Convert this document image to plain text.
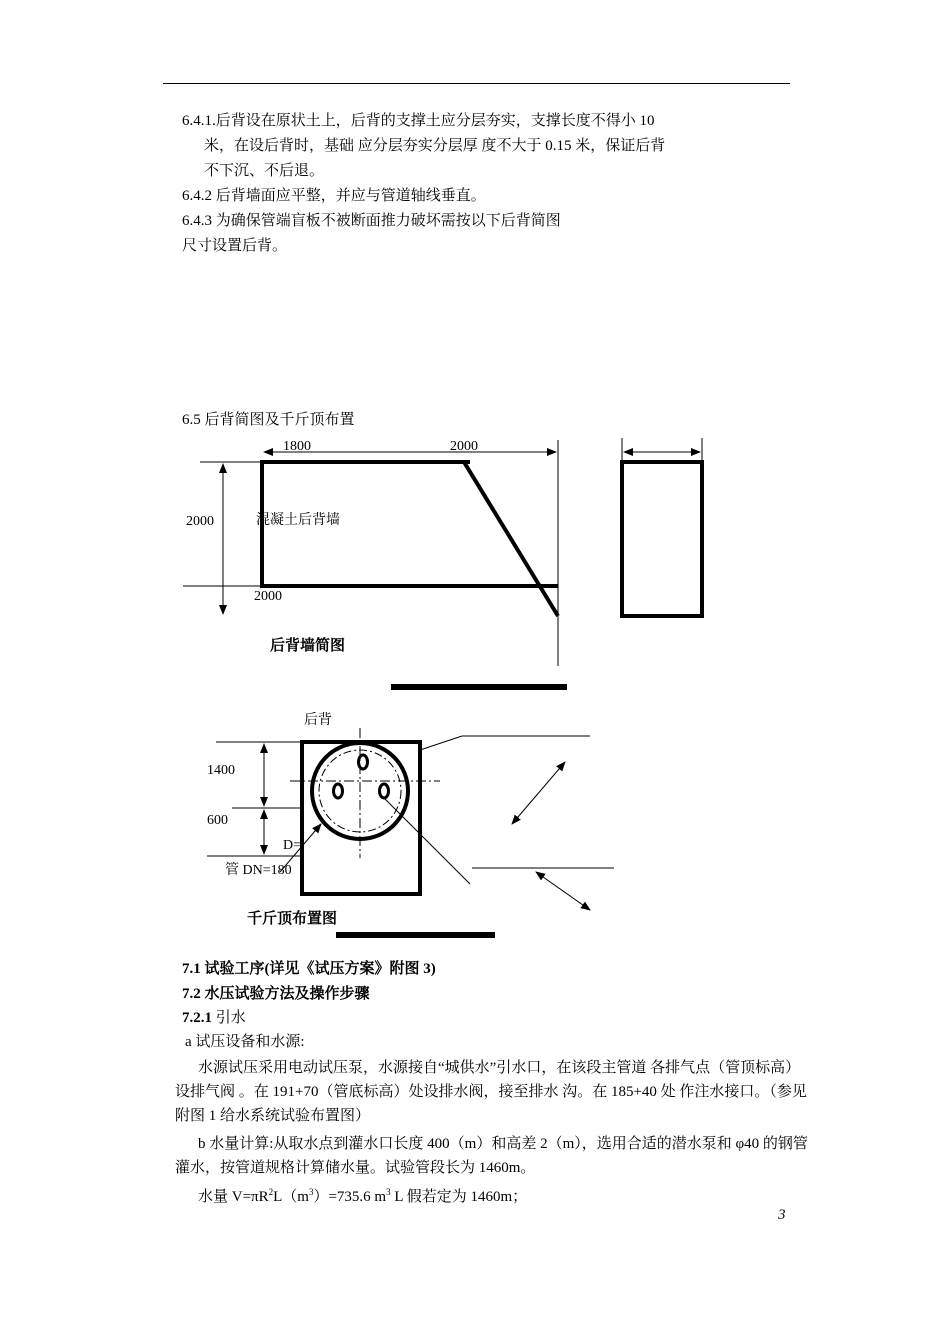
6.4.1.后背设在原状土上，后背的支撑土应分层夯实，支撑长度不得小 10
米，在设后背时，基础 应分层夯实分层厚 度不大于 0.15 米，保证后背
不下沉、不后退。
6.4.2 后背墙面应平整，并应与管道轴线垂直。
6.4.3 为确保管端盲板不被断面推力破坏需按以下后背简图
尺寸设置后背。
6.5 后背简图及千斤顶布置
1800	2000
2000	混凝土后背墙
2000
后背墙简图
后背
1400
600
D=
管 DN=180
千斤顶布置图
7.1 试验工序(详见《试压方案》附图 3)
7.2 水压试验方法及操作步骤
7.2.1 引水
a 试压设备和水源:
水源试压采用电动试压泵，水源接自“城供水”引水口，在该段主管道 各排气点（管顶标高）设排气阀 。在 191+70（管底标高）处设排水阀，接至排水 沟。在 185+40 处 作注水接口。（参见附图 1 给水系统试验布置图）
b 水量计算:从取水点到灌水口长度 400（m）和高差 2（m），选用合适的潜水泵和 φ40 的钢管灌水，按管道规格计算储水量。试验管段长为 1460m。
水量 $V=\pi R^2L(m^3)=735.6$ $m^3$ L 假若定为 1460m；
3
